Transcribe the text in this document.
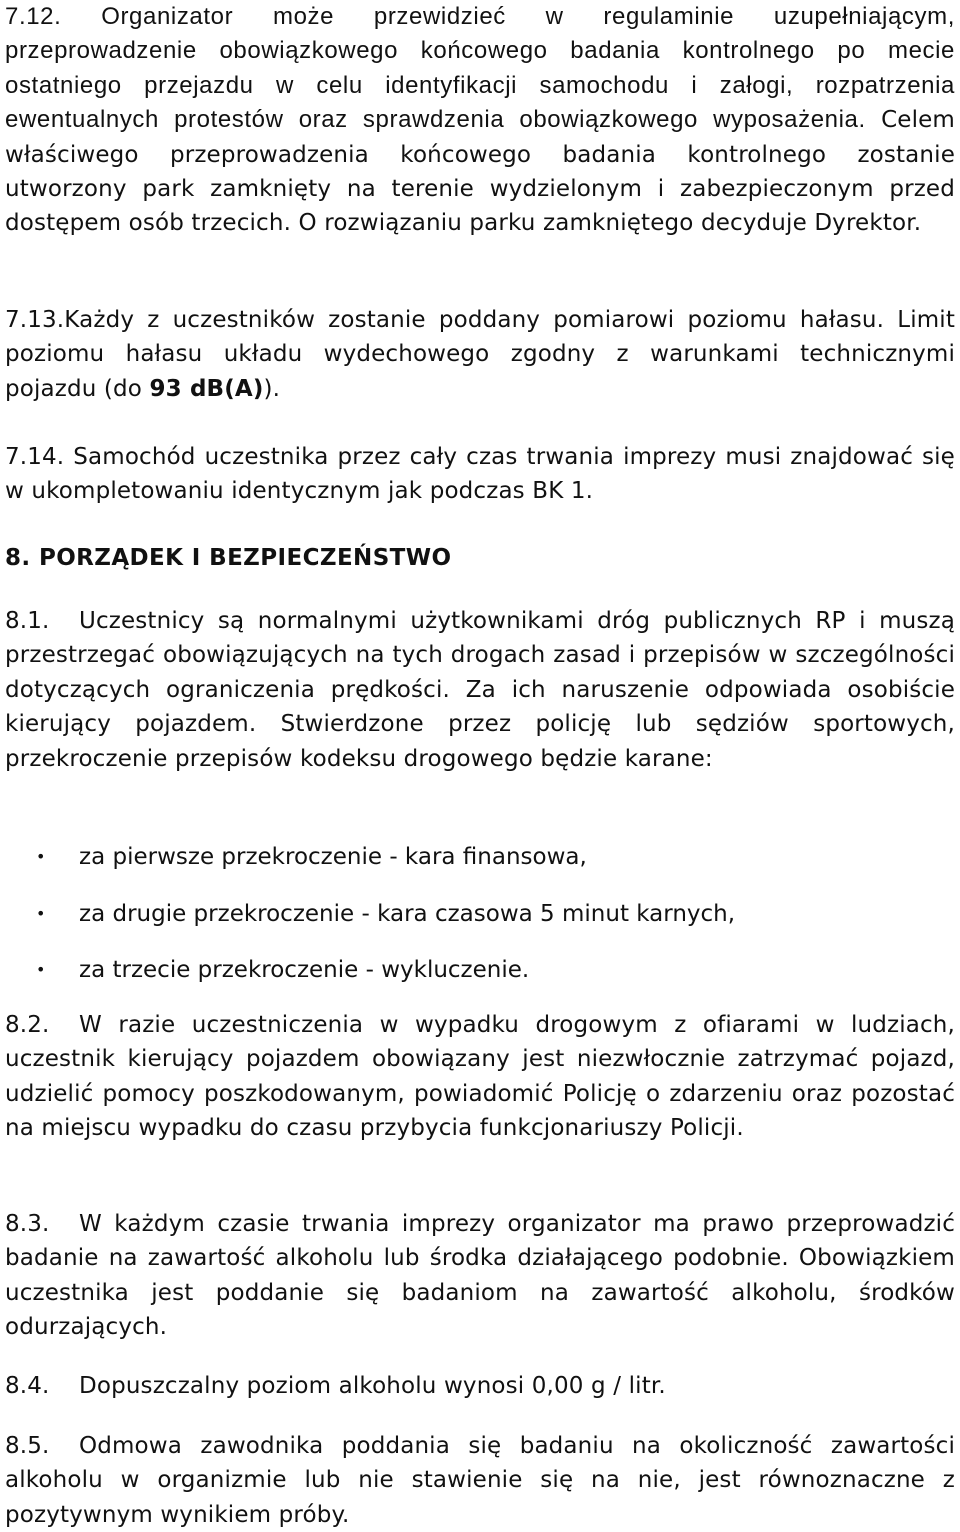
7.12. Organizator może przewidzieć w regulaminie uzupełniającym, przeprowadzenie obowiązkowego końcowego badania kontrolnego po mecie ostatniego przejazdu w celu identyfikacji samochodu i załogi, rozpatrzenia ewentualnych protestów oraz sprawdzenia obowiązkowego wyposażenia. Celem właściwego przeprowadzenia końcowego badania kontrolnego zostanie utworzony park zamknięty na terenie wydzielonym i zabezpieczonym przed dostępem osób trzecich. O rozwiązaniu parku zamkniętego decyduje Dyrektor.
7.13.Każdy z uczestników zostanie poddany pomiarowi poziomu hałasu. Limit poziomu hałasu układu wydechowego zgodny z warunkami technicznymi pojazdu (do 93 dB(A)).
7.14. Samochód uczestnika przez cały czas trwania imprezy musi znajdować się w ukompletowaniu identycznym jak podczas BK 1.
8. PORZĄDEK I BEZPIECZEŃSTWO
8.1. Uczestnicy są normalnymi użytkownikami dróg publicznych RP i muszą przestrzegać obowiązujących na tych drogach zasad i przepisów w szczególności dotyczących ograniczenia prędkości. Za ich naruszenie odpowiada osobiście kierujący pojazdem. Stwierdzone przez policję lub sędziów sportowych, przekroczenie przepisów kodeksu drogowego będzie karane:
• za pierwsze przekroczenie - kara finansowa,
• za drugie przekroczenie - kara czasowa 5 minut karnych,
• za trzecie przekroczenie - wykluczenie.
8.2. W razie uczestniczenia w wypadku drogowym z ofiarami w ludziach, uczestnik kierujący pojazdem obowiązany jest niezwłocznie zatrzymać pojazd, udzielić pomocy poszkodowanym, powiadomić Policję o zdarzeniu oraz pozostać na miejscu wypadku do czasu przybycia funkcjonariuszy Policji.
8.3. W każdym czasie trwania imprezy organizator ma prawo przeprowadzić badanie na zawartość alkoholu lub środka działającego podobnie. Obowiązkiem uczestnika jest poddanie się badaniom na zawartość alkoholu, środków odurzających.
8.4. Dopuszczalny poziom alkoholu wynosi 0,00 g / litr.
8.5. Odmowa zawodnika poddania się badaniu na okoliczność zawartości alkoholu w organizmie lub nie stawienie się na nie, jest równoznaczne z pozytywnym wynikiem próby.
